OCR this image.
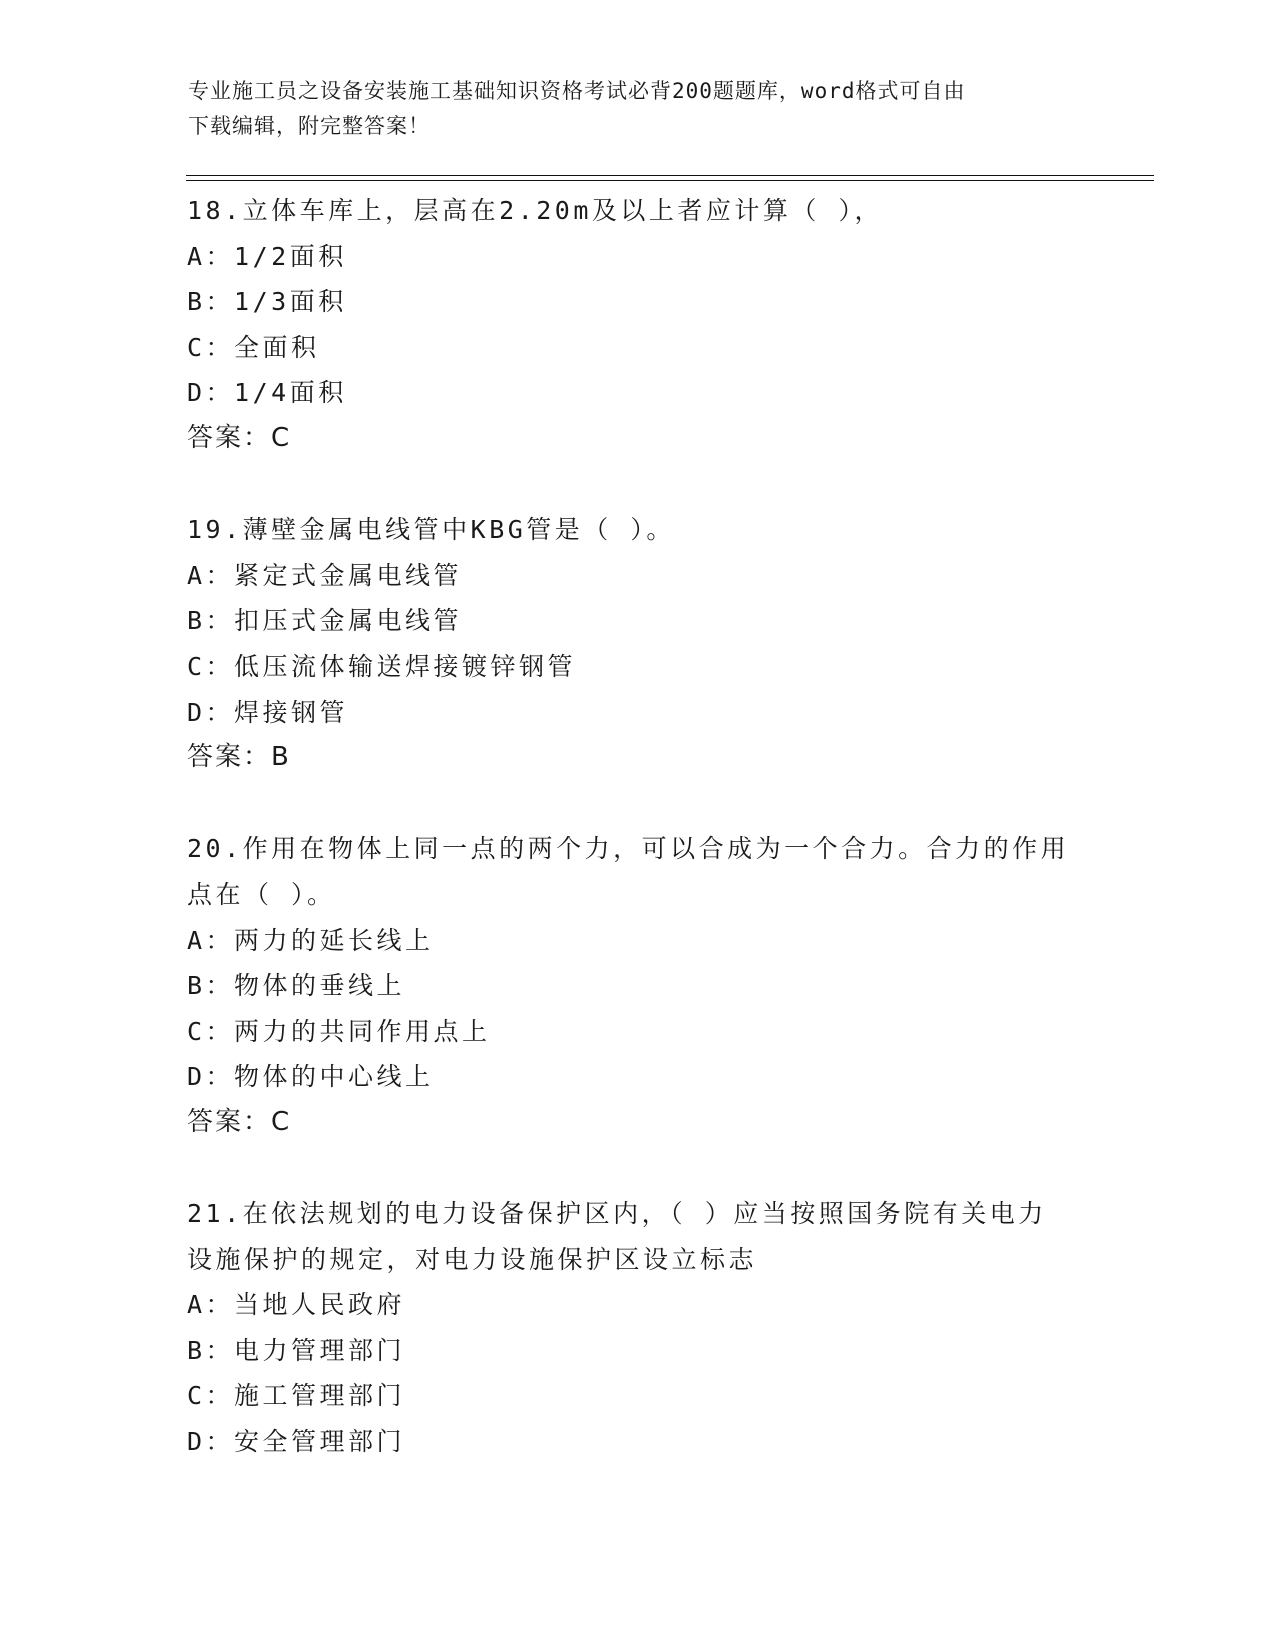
专业施工员之设备安装施工基础知识资格考试必背200题题库，word格式可自由
下载编辑，附完整答案！
18.立体车库上，层高在2.20m及以上者应计算（ ），
A：1/2面积
B：1/3面积
C：全面积
D：1/4面积
答案：C
19.薄壁金属电线管中KBG管是（ ）。
A：紧定式金属电线管
B：扣压式金属电线管
C：低压流体输送焊接镀锌钢管
D：焊接钢管
答案：B
20.作用在物体上同一点的两个力，可以合成为一个合力。合力的作用
点在（ ）。
A：两力的延长线上
B：物体的垂线上
C：两力的共同作用点上
D：物体的中心线上
答案：C
21.在依法规划的电力设备保护区内，（ ）应当按照国务院有关电力
设施保护的规定，对电力设施保护区设立标志
A：当地人民政府
B：电力管理部门
C：施工管理部门
D：安全管理部门
